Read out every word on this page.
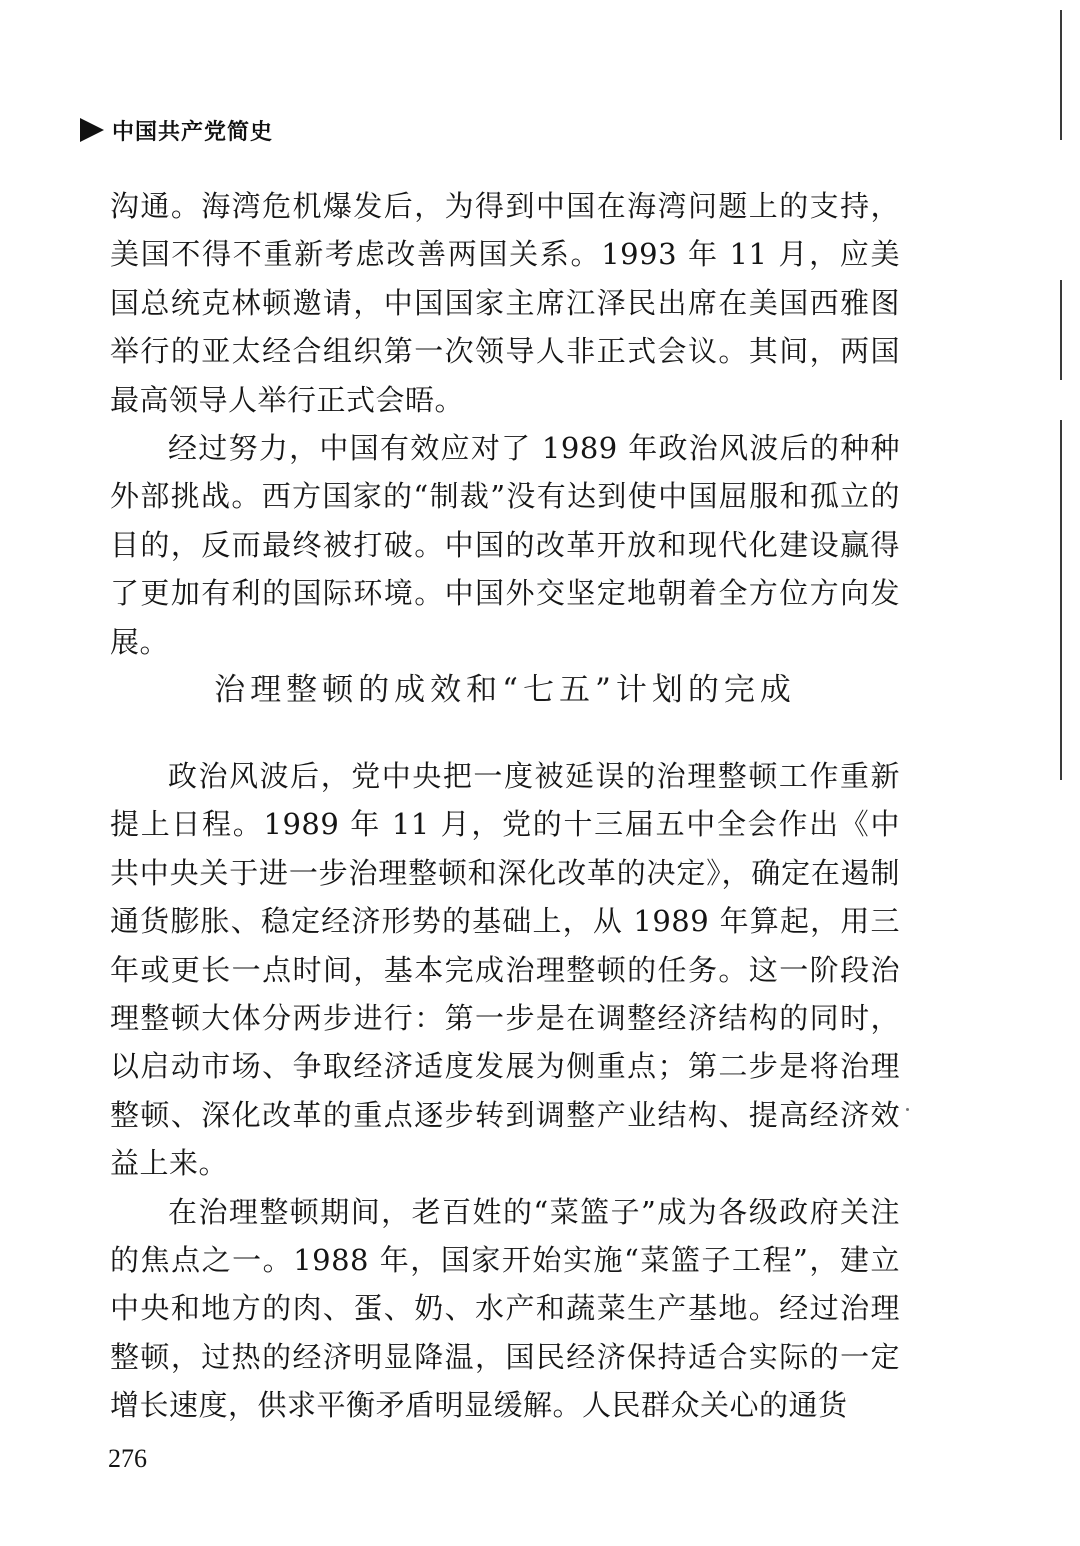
中国共产党简史

沟通。海湾危机爆发后，为得到中国在海湾问题上的支持，美国不得不重新考虑改善两国关系。1993 年 11 月，应美国总统克林顿邀请，中国国家主席江泽民出席在美国西雅图举行的亚太经合组织第一次领导人非正式会议。其间，两国最高领导人举行正式会晤。

经过努力，中国有效应对了 1989 年政治风波后的种种外部挑战。西方国家的“制裁”没有达到使中国屈服和孤立的目的，反而最终被打破。中国的改革开放和现代化建设赢得了更加有利的国际环境。中国外交坚定地朝着全方位方向发展。

治理整顿的成效和“七五”计划的完成

政治风波后，党中央把一度被延误的治理整顿工作重新提上日程。1989 年 11 月，党的十三届五中全会作出《中共中央关于进一步治理整顿和深化改革的决定》，确定在遏制通货膨胀、稳定经济形势的基础上，从 1989 年算起，用三年或更长一点时间，基本完成治理整顿的任务。这一阶段治理整顿大体分两步进行：第一步是在调整经济结构的同时，以启动市场、争取经济适度发展为侧重点；第二步是将治理整顿、深化改革的重点逐步转到调整产业结构、提高经济效益上来。

在治理整顿期间，老百姓的“菜篮子”成为各级政府关注的焦点之一。1988 年，国家开始实施“菜篮子工程”，建立中央和地方的肉、蛋、奶、水产和蔬菜生产基地。经过治理整顿，过热的经济明显降温，国民经济保持适合实际的一定增长速度，供求平衡矛盾明显缓解。人民群众关心的通货

276
